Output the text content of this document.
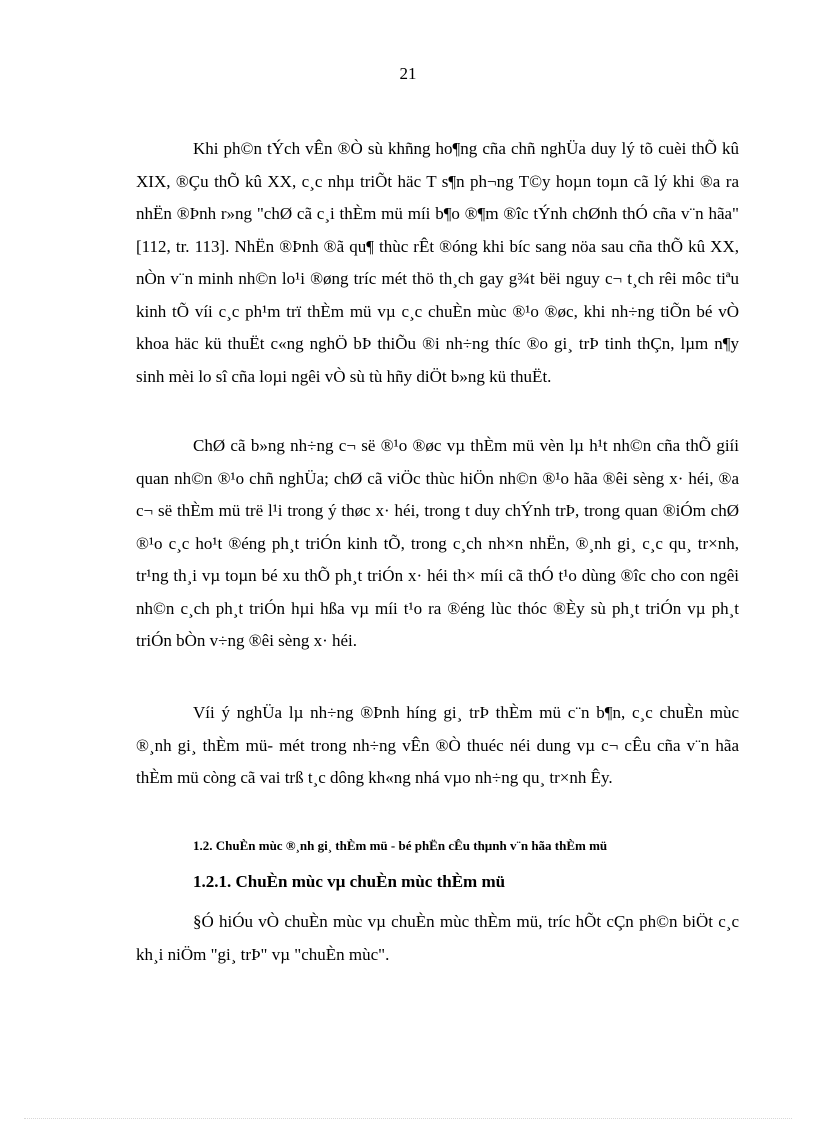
21

Khi ph©n tÝch vÊn ®Ò sù khñng ho¶ng cña chñ nghÜa duy lý tõ cuèi thÕ kû XIX, ®Çu thÕ kû XX, c¸c nhµ triÕt häc T s¶n ph¬ng T©y hoµn toµn cã lý khi ®a ra nhËn ®Þnh r»ng "chØ cã c¸i thÈm mü míi b¶o ®¶m ®îc tÝnh chØnh thÓ cña v¨n hãa" [112, tr. 113]. NhËn ®Þnh ®ã qu¶ thùc rÊt ®óng khi bíc sang nöa sau cña thÕ kû XX, nÒn v¨n minh nh©n lo¹i ®øng tríc mét thö th¸ch gay g¾t bëi nguy c¬ t¸ch rêi môc tiªu kinh tÕ víi c¸c ph¹m trï thÈm mü vµ c¸c chuÈn mùc ®¹o ®øc, khi nh÷ng tiÕn bé vÒ khoa häc kü thuËt c«ng nghÖ bÞ thiÕu ®i nh÷ng thíc ®o gi¸ trÞ tinh thÇn, lµm n¶y sinh mèi lo sî cña loµi ngêi vÒ sù tù hñy diÖt b»ng kü thuËt.

ChØ cã b»ng nh÷ng c¬ së ®¹o ®øc vµ thÈm mü vèn lµ h¹t nh©n cña thÕ giíi quan nh©n ®¹o chñ nghÜa; chØ cã viÖc thùc hiÖn nh©n ®¹o hãa ®êi sèng x· héi, ®a c¬ së thÈm mü trë l¹i trong ý thøc x· héi, trong t duy chÝnh trÞ, trong quan ®iÓm chØ ®¹o c¸c ho¹t ®éng ph¸t triÓn kinh tÕ, trong c¸ch nh×n nhËn, ®¸nh gi¸ c¸c qu¸ tr×nh, tr¹ng th¸i vµ toµn bé xu thÕ ph¸t triÓn x· héi th× míi cã thÓ t¹o dùng ®îc cho con ngêi nh©n c¸ch ph¸t triÓn hµi hßa vµ míi t¹o ra ®éng lùc thóc ®Èy sù ph¸t triÓn vµ ph¸t triÓn bÒn v÷ng ®êi sèng x· héi.

Víi ý nghÜa lµ nh÷ng ®Þnh híng gi¸ trÞ thÈm mü c¨n b¶n, c¸c chuÈn mùc ®¸nh gi¸ thÈm mü- mét trong nh÷ng vÊn ®Ò thuéc néi dung vµ c¬ cÊu cña v¨n hãa thÈm mü còng cã vai trß t¸c dông kh«ng nhá vµo nh÷ng qu¸ tr×nh Êy.

1.2. ChuÈn mùc ®¸nh gi¸ thÈm mü - bé phËn cÊu thµnh v¨n hãa thÈm mü
1.2.1. ChuÈn mùc vµ chuÈn mùc thÈm mü

§Ó hiÓu vÒ chuÈn mùc vµ chuÈn mùc thÈm mü, tríc hÕt cÇn ph©n biÖt c¸c kh¸i niÖm "gi¸ trÞ" vµ "chuÈn mùc".
